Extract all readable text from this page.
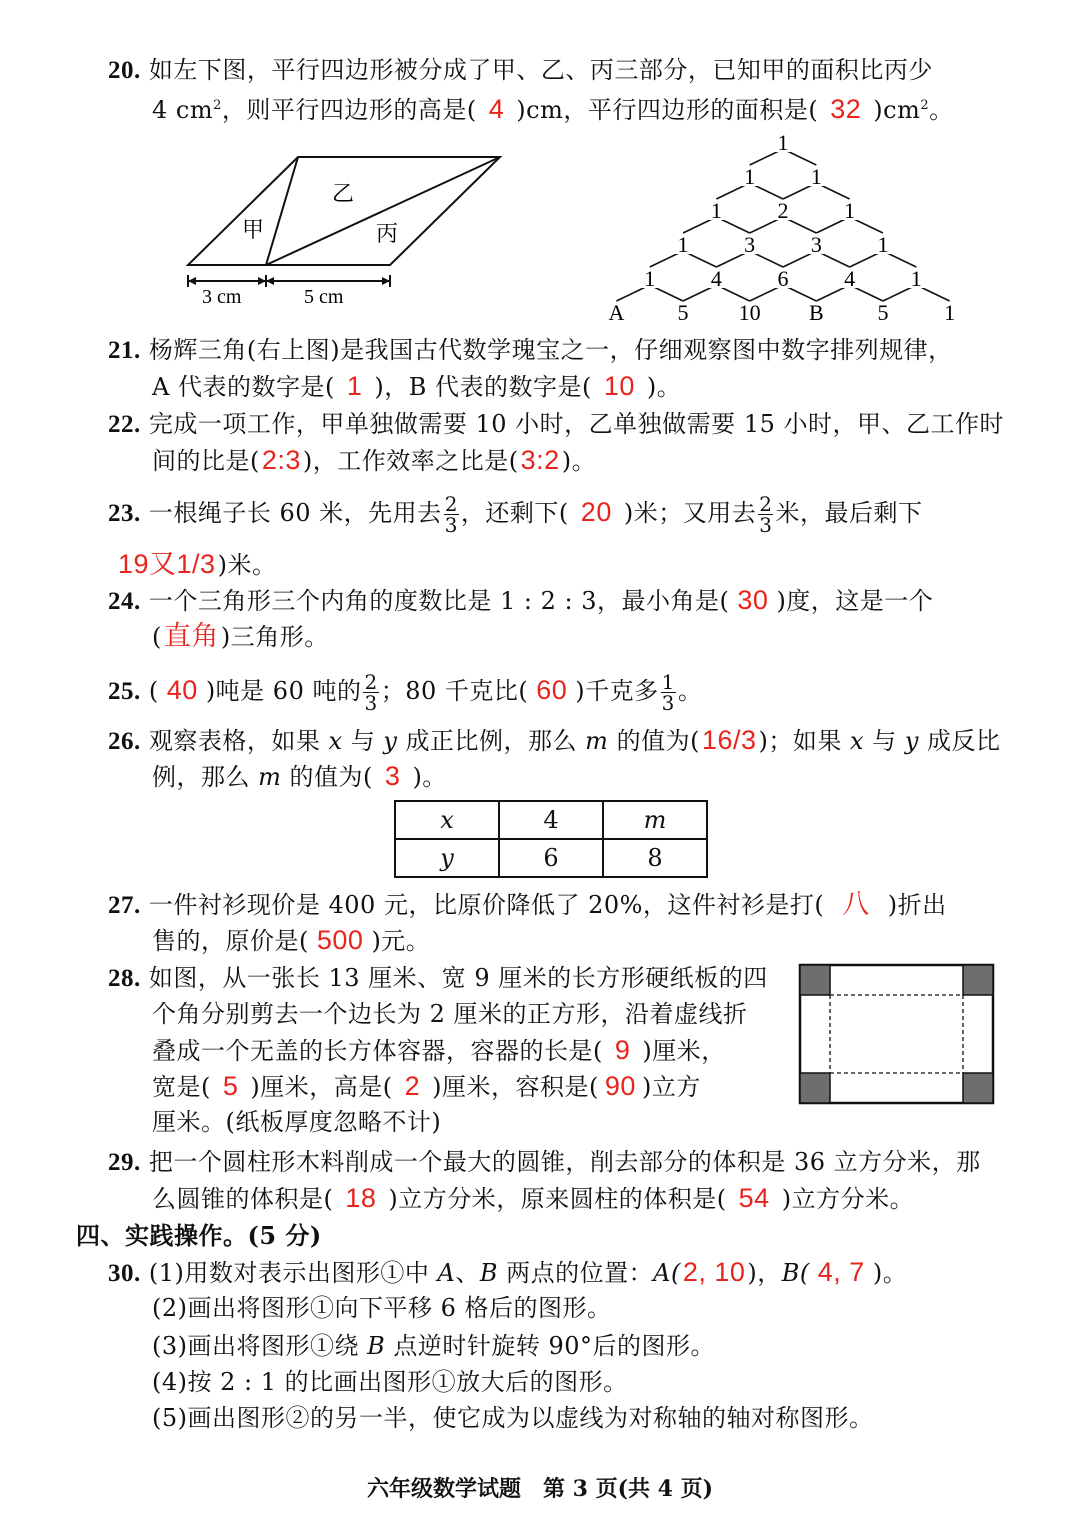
20. 如左下图，平行四边形被分成了甲、乙、丙三部分，已知甲的面积比丙少
4 $cm^2$，则平行四边形的高是( 4 )cm，平行四边形的面积是( 32 )$cm^2$。
甲
乙
丙
3 cm	5 cm
1
1	1
1	2	1
1	3	3	1
1	4	6	4	1
A 5 10 B 5	1
21. 杨辉三角(右上图)是我国古代数学瑰宝之一，仔细观察图中数字排列规律，
A 代表的数字是( 1 )，B 代表的数字是( 10 )。
22. 完成一项工作，甲单独做需要 10 小时，乙单独做需要 15 小时，甲、乙工作时
间的比是(2:3)，工作效率之比是(3:2)。
23. 一根绳子长 60 米，先用去 $\frac{2}{3}$ ，还剩下( 20 )米；又用去 $\frac{2}{3}$ 米，最后剩下
19又1/3)米。
24. 一个三角形三个内角的度数比是 1 : 2 : 3，最小角是( 30 )度，这是一个
(直角)三角形。
25. ( 40 )吨是 60 吨的 $\frac{2}{3}$ ；80 千克比( 60 )千克多 $\frac{1}{3}$ 。
26. 观察表格，如果 x 与 y 成正比例，那么 m 的值为(16/3)；如果 x 与 y 成反比
例，那么 m 的值为( 3 )。
x	4	m
y	6	8
27. 一件衬衫现价是 400 元，比原价降低了 20%，这件衬衫是打( 八 )折出
售的，原价是( 500 )元。
28. 如图，从一张长 13 厘米、宽 9 厘米的长方形硬纸板的四
个角分别剪去一个边长为 2 厘米的正方形，沿着虚线折
叠成一个无盖的长方体容器，容器的长是( 9 )厘米，
宽是( 5 )厘米，高是( 2 )厘米，容积是( 90 )立方
厘米。(纸板厚度忽略不计)
29. 把一个圆柱形木料削成一个最大的圆锥，削去部分的体积是 36 立方分米，那
么圆锥的体积是( 18 )立方分米，原来圆柱的体积是( 54 )立方分米。
四、实践操作。(5 分)
30. (1)用数对表示出图形①中 A、B 两点的位置：A(2, 10)，B( 4, 7 )。
(2)画出将图形①向下平移 6 格后的图形。
(3)画出将图形①绕 B 点逆时针旋转 90°后的图形。
(4)按 2 : 1 的比画出图形①放大后的图形。
(5)画出图形②的另一半，使它成为以虚线为对称轴的轴对称图形。
六年级数学试题　第 3 页(共 4 页)
